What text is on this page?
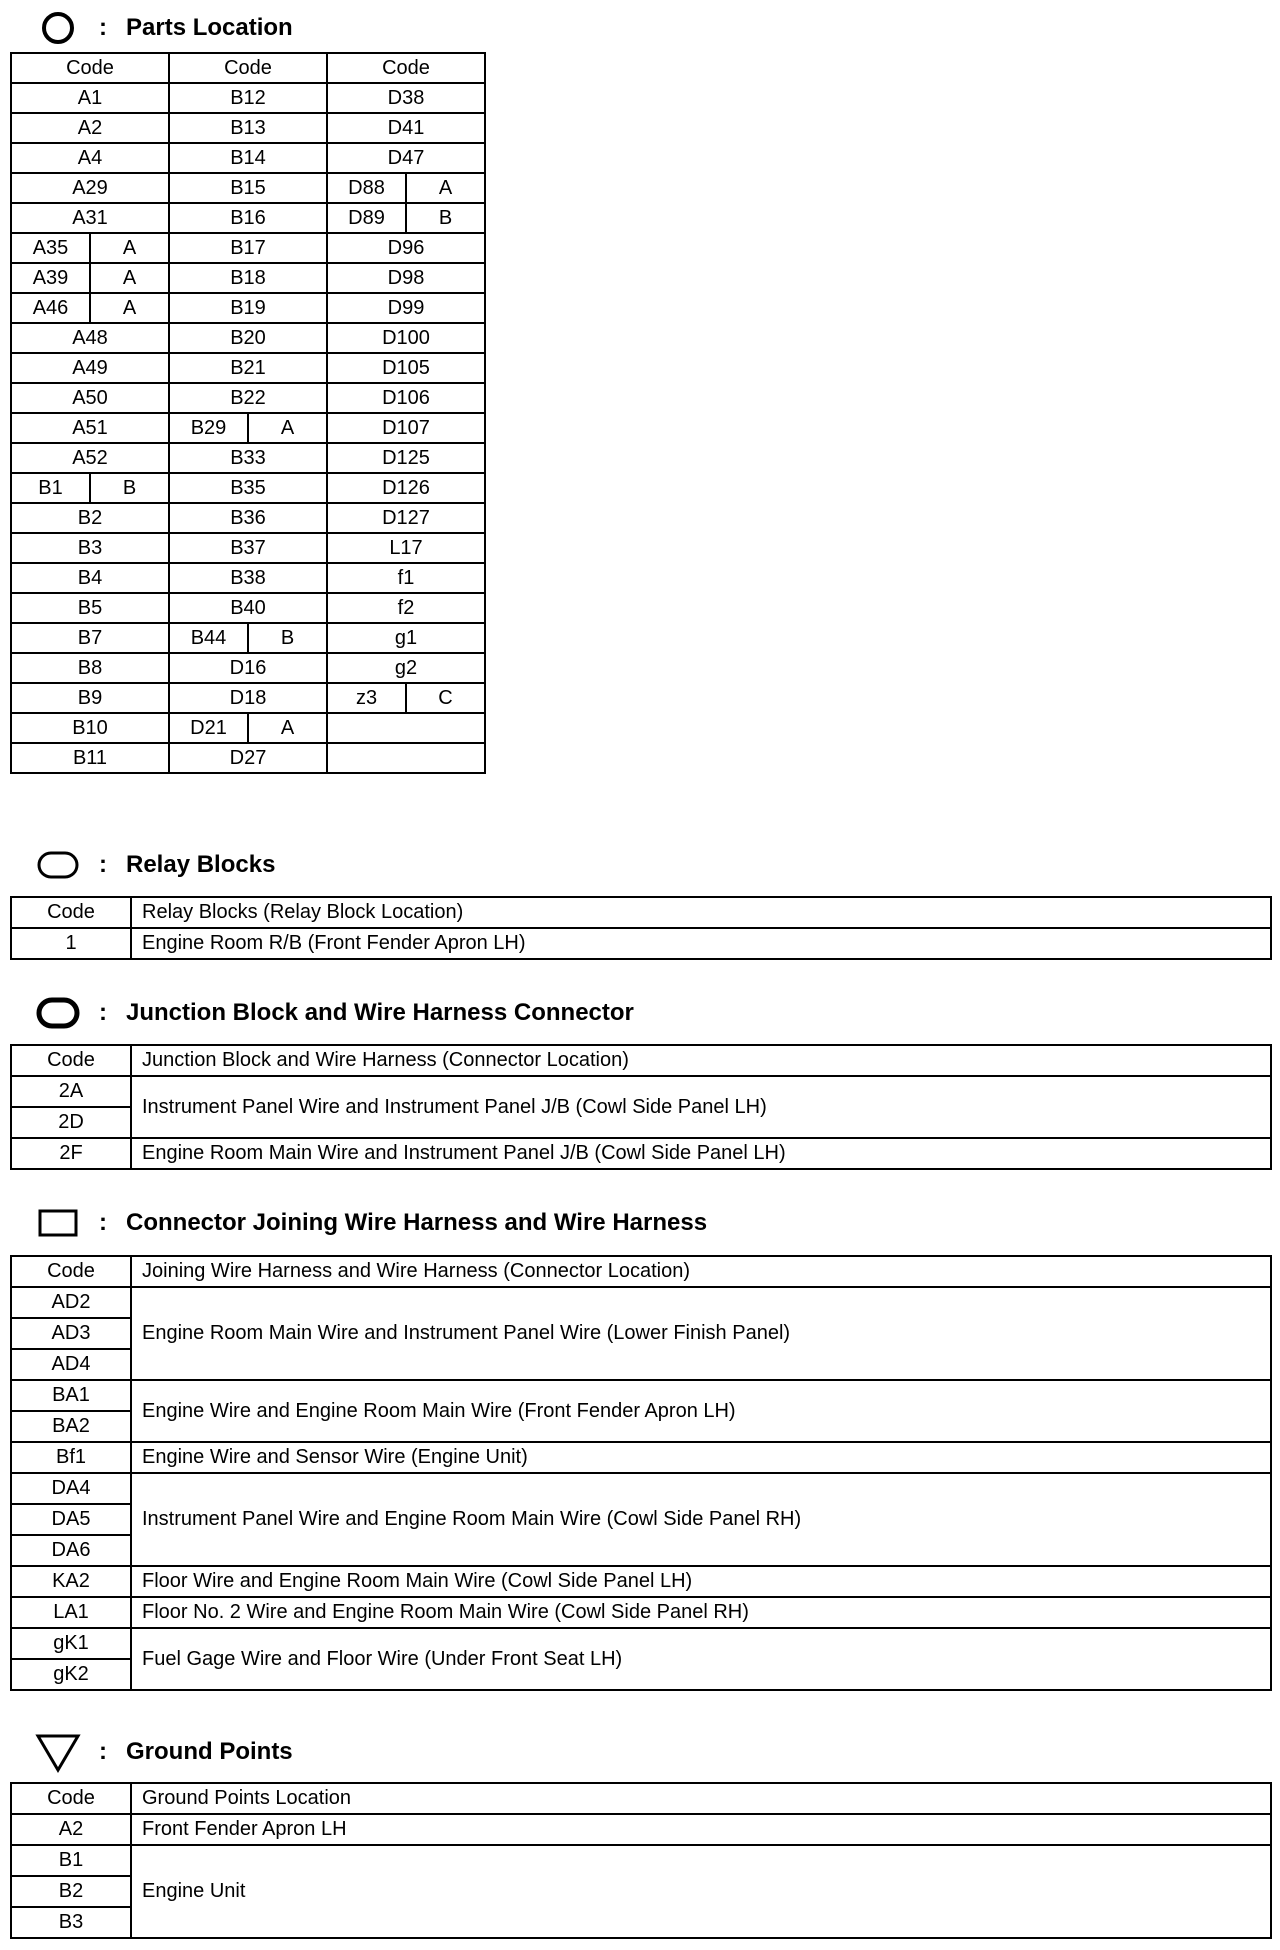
: Parts Location
Code	Code	Code
A1	B12	D38
A2	B13	D41
A4	B14	D47
A29	B15	D88 A

A31	B16	D89 B

A35 A	B17	D96

A39 A	B18	D98

A46 A	B19	D99
A48	B20	D100
A49	B21	D105
A50	B22	D106
A51	B29 A	D107
A52	B33	D125

B1 B	B35	D126
B2	B36	D127
B3	B37	L17
B4	B38	f1
B5	B40	f2
B7	B44 B	g1
B8	D16	g2
B9	D18	z3 C

B10	D21 A	

B11	D27	
: Relay Blocks
Code	Relay Blocks (Relay Block Location)
1	Engine Room R/B (Front Fender Apron LH)
: Junction Block and Wire Harness Connector
Code	Junction Block and Wire Harness (Connector Location)
2A	Instrument Panel Wire and Instrument Panel J/B (Cowl Side Panel LH)
2D	
2F	Engine Room Main Wire and Instrument Panel J/B (Cowl Side Panel LH)
: Connector Joining Wire Harness and Wire Harness
Code	Joining Wire Harness and Wire Harness (Connector Location)
AD2	Engine Room Main Wire and Instrument Panel Wire (Lower Finish Panel)
AD3	
AD4	
BA1	Engine Wire and Engine Room Main Wire (Front Fender Apron LH)
BA2	
Bf1	Engine Wire and Sensor Wire (Engine Unit)
DA4	Instrument Panel Wire and Engine Room Main Wire (Cowl Side Panel RH)
DA5	
DA6	
KA2	Floor Wire and Engine Room Main Wire (Cowl Side Panel LH)
LA1	Floor No. 2 Wire and Engine Room Main Wire (Cowl Side Panel RH)
gK1	Fuel Gage Wire and Floor Wire (Under Front Seat LH)
gK2	
: Ground Points
Code	Ground Points Location
A2	Front Fender Apron LH
B1	Engine Unit
B2	
B3	
